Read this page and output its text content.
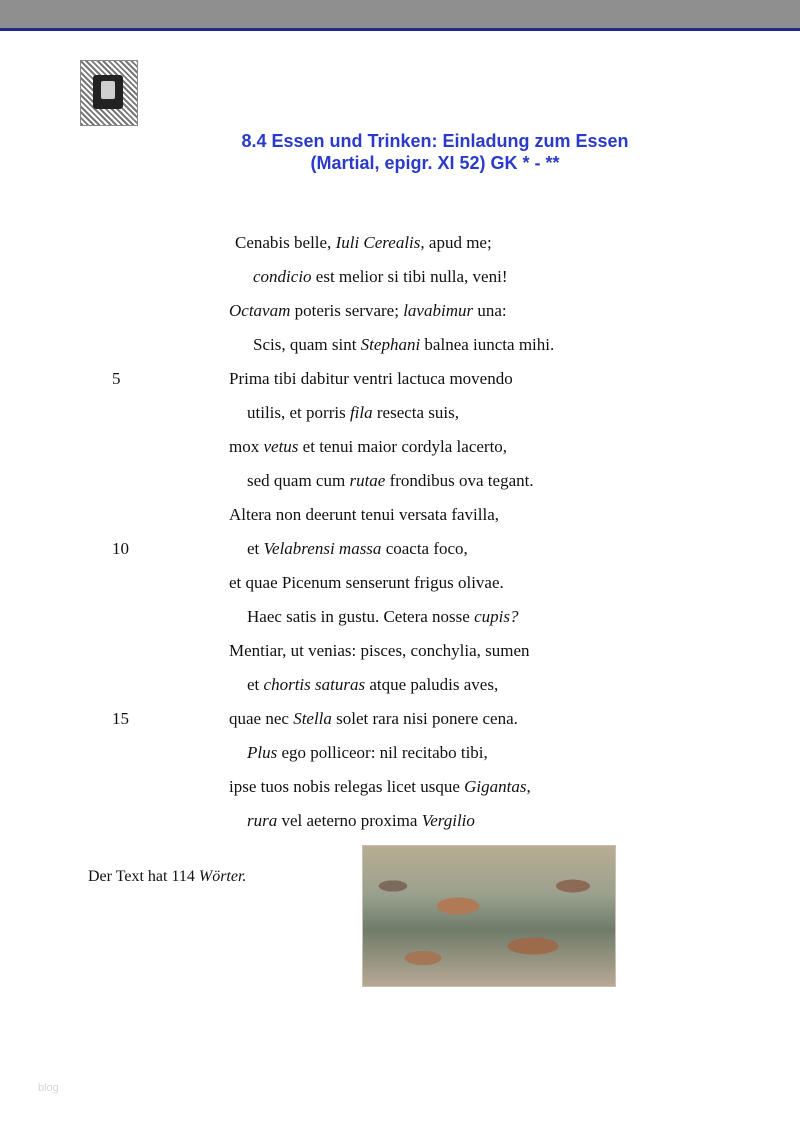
8.4 Essen und Trinken: Einladung zum Essen
(Martial, epigr. XI 52) GK * - **
Cenabis belle, Iuli Cerealis, apud me;
condicio est melior si tibi nulla, veni!
Octavam poteris servare; lavabimur una:
Scis, quam sint Stephani balnea iuncta mihi.
5	Prima tibi dabitur ventri lactuca movendo
utilis, et porris fila resecta suis,
mox vetus et tenui maior cordyla lacerto,
sed quam cum rutae frondibus ova tegant.
Altera non deerunt tenui versata favilla,
10	et Velabrensi massa coacta foco,
et quae Picenum senserunt frigus olivae.
Haec satis in gustu. Cetera nosse cupis?
Mentiar, ut venias: pisces, conchylia, sumen
et chortis saturas atque paludis aves,
15	quae nec Stella solet rara nisi ponere cena.
Plus ego polliceor: nil recitabo tibi,
ipse tuos nobis relegas licet usque Gigantas,
rura vel aeterno proxima Vergilio
Der Text hat 114 Wörter.
blog
